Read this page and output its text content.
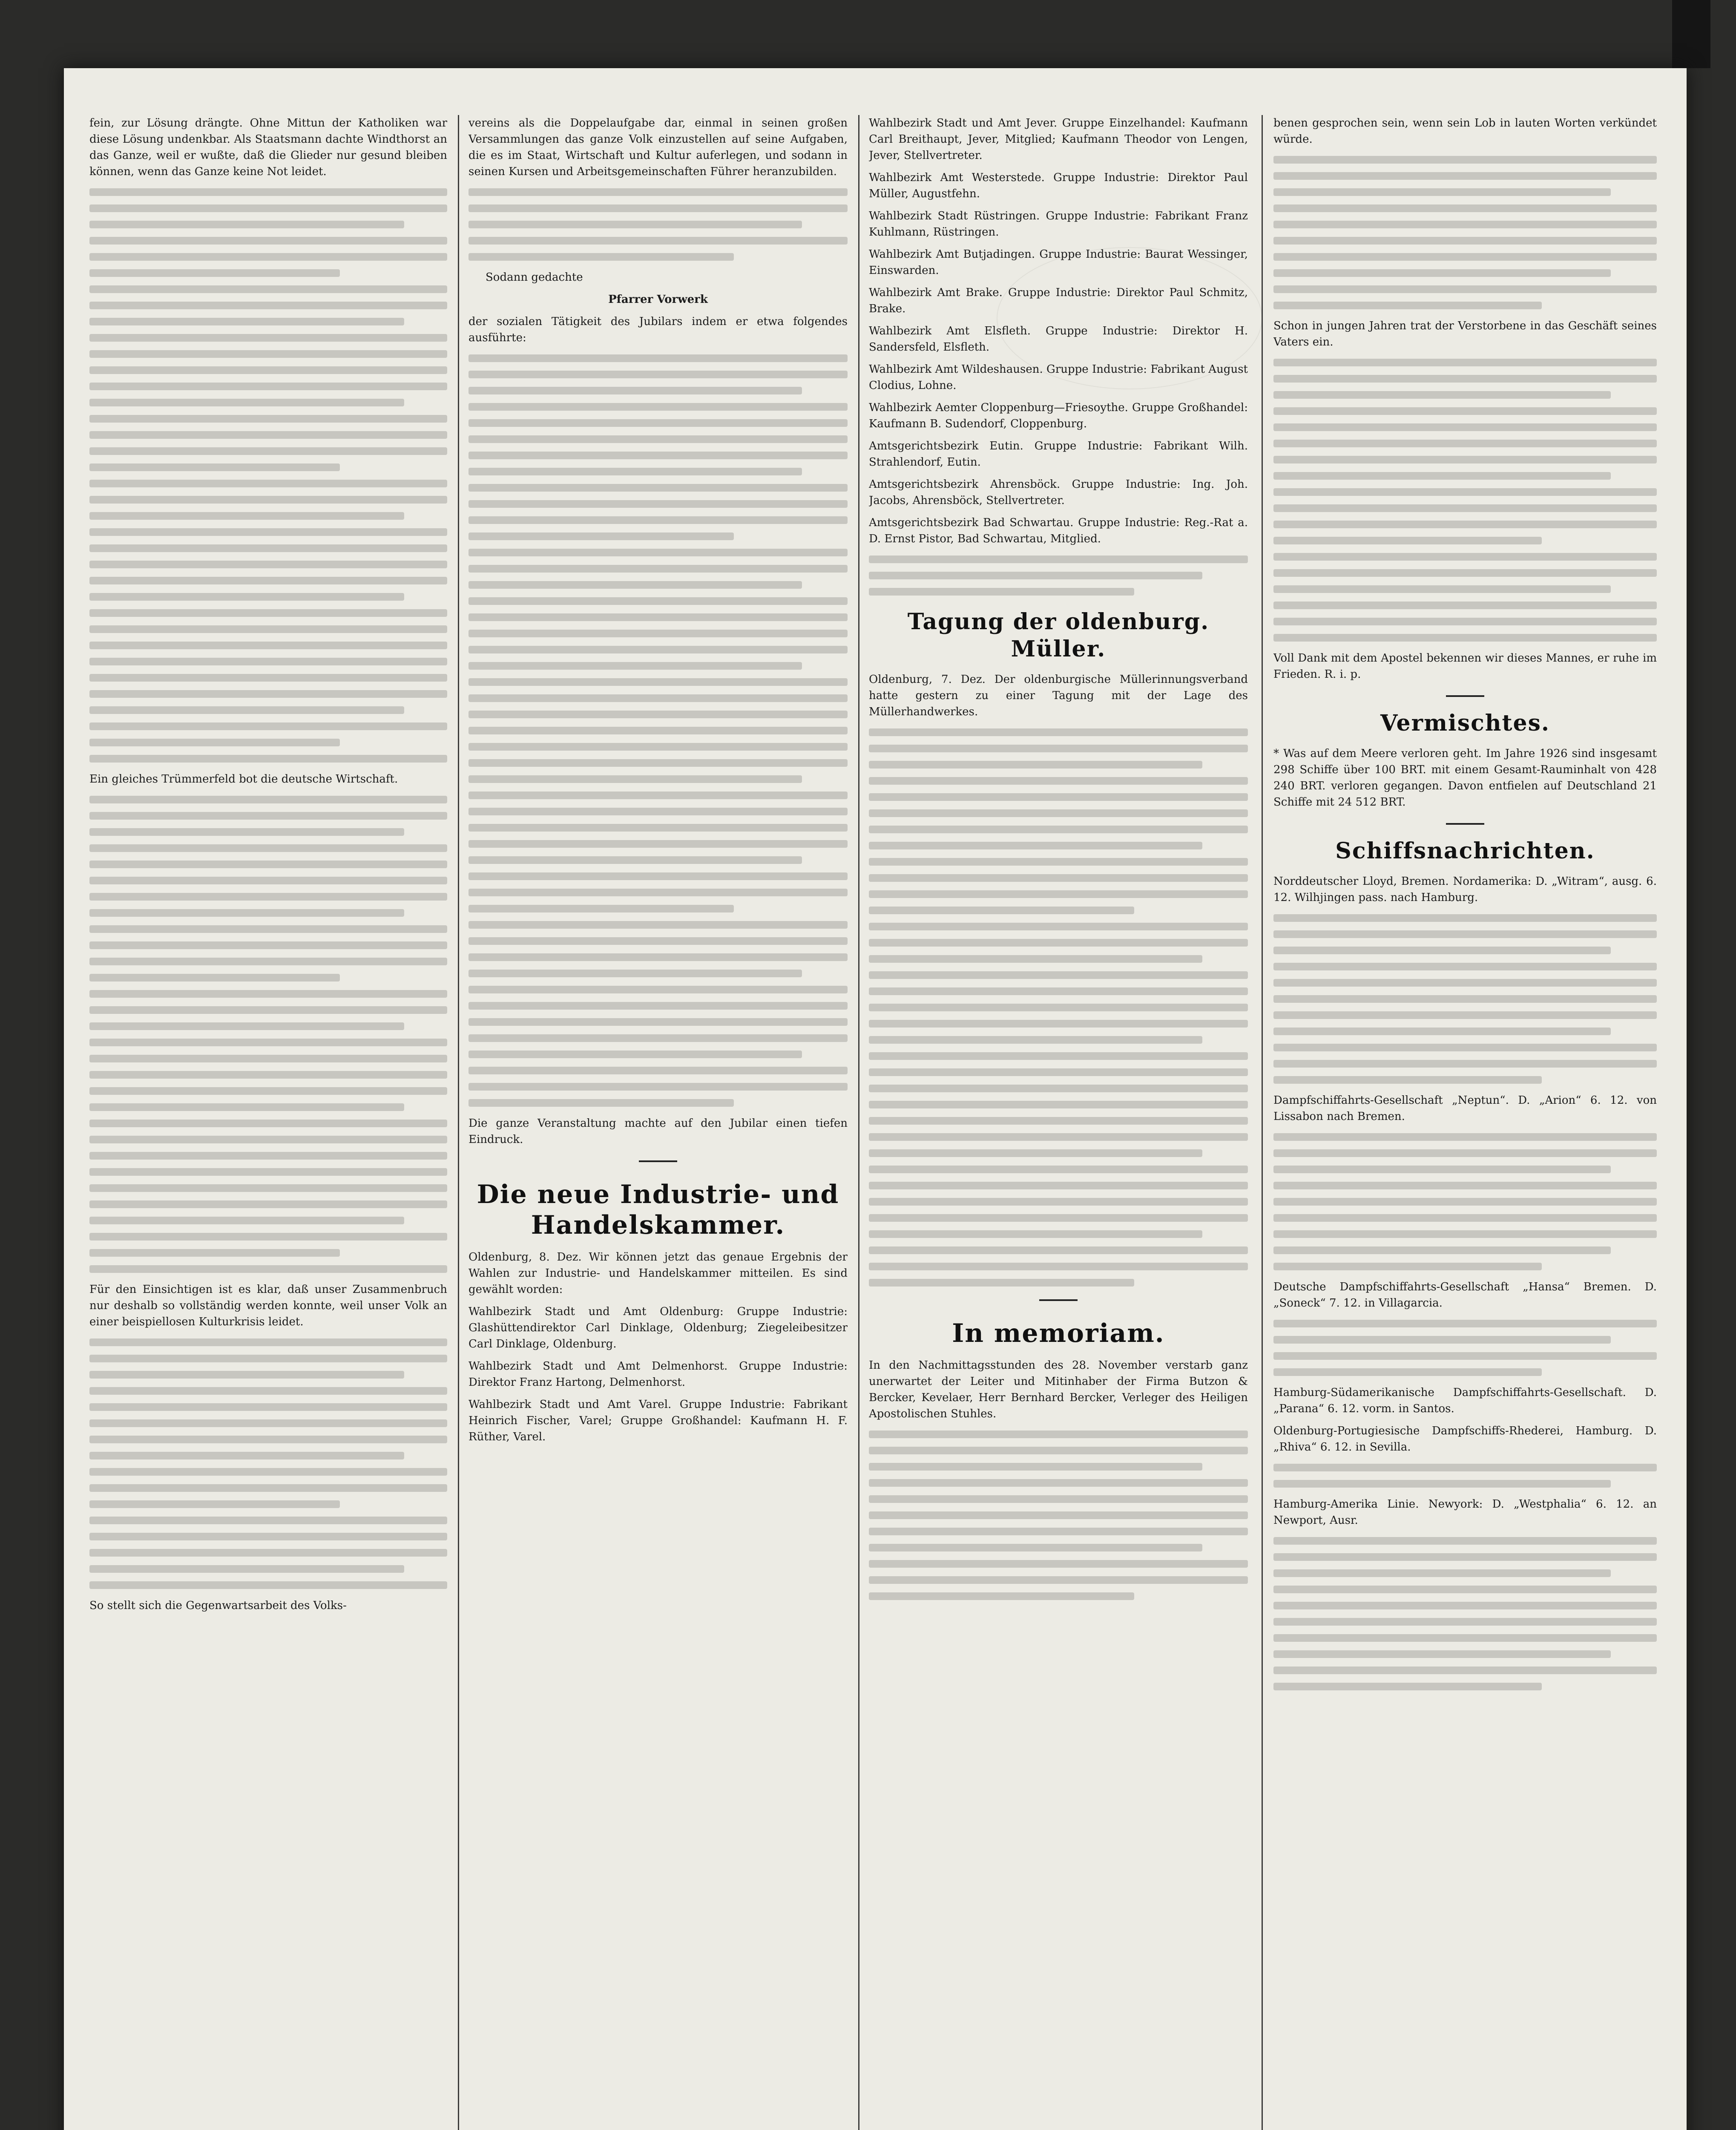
fein, zur Lösung drängte. Ohne Mittun der Katholiken war diese Lösung undenkbar. Als Staatsmann dachte Windthorst an das Ganze, weil er wußte, daß die Glieder nur gesund bleiben können, wenn das Ganze keine Not leidet.

Ein gleiches Trümmerfeld bot die deutsche Wirtschaft.

Für den Einsichtigen ist es klar, daß unser Zusammenbruch nur deshalb so vollständig werden konnte, weil unser Volk an einer beispiellosen Kulturkrisis leidet.

So stellt sich die Gegenwartsarbeit des Volks-

vereins als die Doppelaufgabe dar, einmal in seinen großen Versammlungen das ganze Volk einzustellen auf seine Aufgaben, die es im Staat, Wirtschaft und Kultur auferlegen, und sodann in seinen Kursen und Arbeitsgemeinschaften Führer heranzubilden.

Sodann gedachte

Pfarrer Vorwerk

der sozialen Tätigkeit des Jubilars indem er etwa folgendes ausführte:

Die ganze Veranstaltung machte auf den Jubilar einen tiefen Eindruck.

Die neue Industrie- und Handelskammer.

Oldenburg, 8. Dez. Wir können jetzt das genaue Ergebnis der Wahlen zur Industrie- und Handelskammer mitteilen. Es sind gewählt worden:

Wahlbezirk Stadt und Amt Oldenburg: Gruppe Industrie: Glashüttendirektor Carl Dinklage, Oldenburg; Ziegeleibesitzer Carl Dinklage, Oldenburg.

Wahlbezirk Stadt und Amt Delmenhorst. Gruppe Industrie: Direktor Franz Hartong, Delmenhorst.

Wahlbezirk Stadt und Amt Varel. Gruppe Industrie: Fabrikant Heinrich Fischer, Varel; Gruppe Großhandel: Kaufmann H. F. Rüther, Varel.

Wahlbezirk Stadt und Amt Jever. Gruppe Einzelhandel: Kaufmann Carl Breithaupt, Jever, Mitglied; Kaufmann Theodor von Lengen, Jever, Stellvertreter.

Wahlbezirk Amt Westerstede. Gruppe Industrie: Direktor Paul Müller, Augustfehn.

Wahlbezirk Stadt Rüstringen. Gruppe Industrie: Fabrikant Franz Kuhlmann, Rüstringen.

Wahlbezirk Amt Butjadingen. Gruppe Industrie: Baurat Wessinger, Einswarden.

Wahlbezirk Amt Brake. Gruppe Industrie: Direktor Paul Schmitz, Brake.

Wahlbezirk Amt Elsfleth. Gruppe Industrie: Direktor H. Sandersfeld, Elsfleth.

Wahlbezirk Amt Wildeshausen. Gruppe Industrie: Fabrikant August Clodius, Lohne.

Wahlbezirk Aemter Cloppenburg—Friesoythe. Gruppe Großhandel: Kaufmann B. Sudendorf, Cloppenburg.

Amtsgerichtsbezirk Eutin. Gruppe Industrie: Fabrikant Wilh. Strahlendorf, Eutin.

Amtsgerichtsbezirk Ahrensböck. Gruppe Industrie: Ing. Joh. Jacobs, Ahrensböck, Stellvertreter.

Amtsgerichtsbezirk Bad Schwartau. Gruppe Industrie: Reg.-Rat a. D. Ernst Pistor, Bad Schwartau, Mitglied.

Tagung der oldenburg. Müller.

Oldenburg, 7. Dez. Der oldenburgische Müllerinnungsverband hatte gestern zu einer Tagung mit der Lage des Müllerhandwerkes.

In memoriam.

In den Nachmittagsstunden des 28. November verstarb ganz unerwartet der Leiter und Mitinhaber der Firma Butzon & Bercker, Kevelaer, Herr Bernhard Bercker, Verleger des Heiligen Apostolischen Stuhles.

benen gesprochen sein, wenn sein Lob in lauten Worten verkündet würde.

Schon in jungen Jahren trat der Verstorbene in das Geschäft seines Vaters ein.

Voll Dank mit dem Apostel bekennen wir dieses Mannes, er ruhe im Frieden. R. i. p.

Vermischtes.

* Was auf dem Meere verloren geht. Im Jahre 1926 sind insgesamt 298 Schiffe über 100 BRT. mit einem Gesamt-Rauminhalt von 428 240 BRT. verloren gegangen. Davon entfielen auf Deutschland 21 Schiffe mit 24 512 BRT.

Schiffsnachrichten.

Norddeutscher Lloyd, Bremen. Nordamerika: D. „Witram“, ausg. 6. 12. Wilhjingen pass. nach Hamburg.

Dampfschiffahrts-Gesellschaft „Neptun“. D. „Arion“ 6. 12. von Lissabon nach Bremen.

Deutsche Dampfschiffahrts-Gesellschaft „Hansa“ Bremen. D. „Soneck“ 7. 12. in Villagarcia.

Hamburg-Südamerikanische Dampfschiffahrts-Gesellschaft. D. „Parana“ 6. 12. vorm. in Santos.

Oldenburg-Portugiesische Dampfschiffs-Rhederei, Hamburg. D. „Rhiva“ 6. 12. in Sevilla.

Hamburg-Amerika Linie. Newyork: D. „Westphalia“ 6. 12. an Newport, Ausr.
